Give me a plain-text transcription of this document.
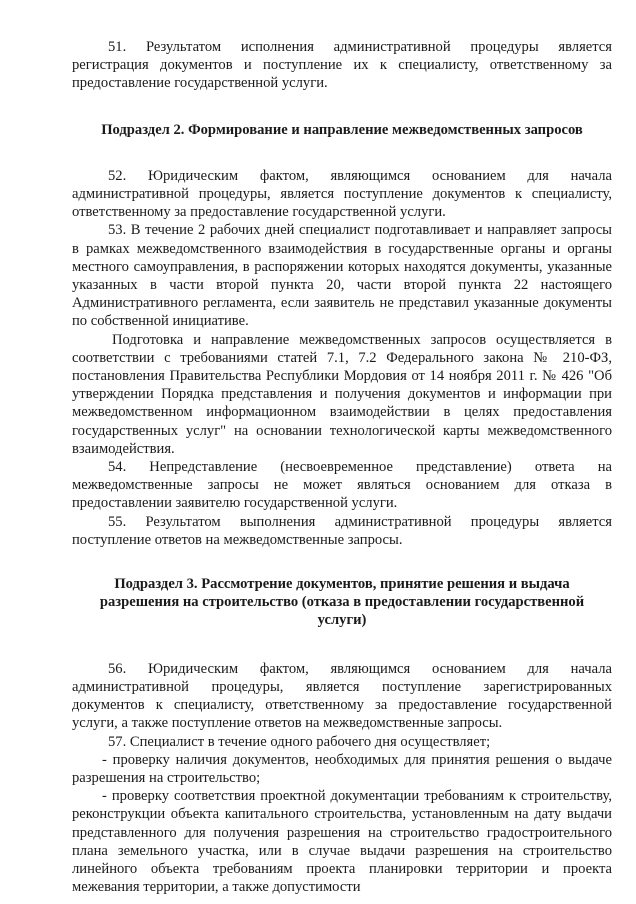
51. Результатом исполнения административной процедуры является регистрация документов и поступление их к специалисту, ответственному за предоставление государственной услуги.

Подраздел 2. Формирование и направление межведомственных запросов

52. Юридическим фактом, являющимся основанием для начала административной процедуры, является поступление документов к специалисту, ответственному за предоставление государственной услуги.

53. В течение 2 рабочих дней специалист подготавливает и направляет запросы в рамках межведомственного взаимодействия в государственные органы и органы местного самоуправления, в распоряжении которых находятся документы, указанные указанных в части второй пункта 20, части второй пункта 22 настоящего Административного регламента, если заявитель не представил указанные документы по собственной инициативе.

Подготовка и направление межведомственных запросов осуществляется в соответствии с требованиями статей 7.1, 7.2 Федерального закона № 210-ФЗ, постановления Правительства Республики Мордовия от 14 ноября 2011 г. № 426 "Об утверждении Порядка представления и получения документов и информации при межведомственном информационном взаимодействии в целях предоставления государственных услуг" на основании технологической карты межведомственного взаимодействия.

54. Непредставление (несвоевременное представление) ответа на межведомственные запросы не может являться основанием для отказа в предоставлении заявителю государственной услуги.

55. Результатом выполнения административной процедуры является поступление ответов на межведомственные запросы.

Подраздел 3. Рассмотрение документов, принятие решения и выдача

разрешения на строительство (отказа в предоставлении государственной

услуги)

56. Юридическим фактом, являющимся основанием для начала административной процедуры, является поступление зарегистрированных документов к специалисту, ответственному за предоставление государственной услуги, а также поступление ответов на межведомственные запросы.

57. Специалист в течение одного рабочего дня осуществляет;

- проверку наличия документов, необходимых для принятия решения о выдаче разрешения на строительство;

- проверку соответствия проектной документации требованиям к строительству, реконструкции объекта капитального строительства, установленным на дату выдачи представленного для получения разрешения на строительство градостроительного плана земельного участка, или в случае выдачи разрешения на строительство линейного объекта требованиям проекта планировки территории и проекта межевания территории, а также допустимости
